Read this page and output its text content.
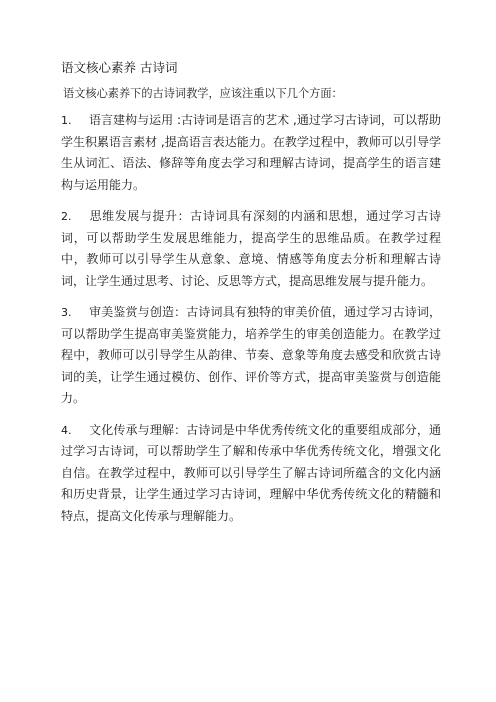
语文核心素养 古诗词
语文核心素养下的古诗词教学，应该注重以下几个方面：
1. 语言建构与运用 :古诗词是语言的艺术 ,通过学习古诗词，可以帮助学生积累语言素材 ,提高语言表达能力。在教学过程中，教师可以引导学生从词汇、语法、修辞等角度去学习和理解古诗词，提高学生的语言建构与运用能力。

2. 思维发展与提升：古诗词具有深刻的内涵和思想，通过学习古诗词，可以帮助学生发展思维能力，提高学生的思维品质。在教学过程中，教师可以引导学生从意象、意境、情感等角度去分析和理解古诗词，让学生通过思考、讨论、反思等方式，提高思维发展与提升能力。

3. 审美鉴赏与创造：古诗词具有独特的审美价值，通过学习古诗词，可以帮助学生提高审美鉴赏能力，培养学生的审美创造能力。在教学过程中，教师可以引导学生从韵律、节奏、意象等角度去感受和欣赏古诗词的美，让学生通过模仿、创作、评价等方式，提高审美鉴赏与创造能力。

4. 文化传承与理解：古诗词是中华优秀传统文化的重要组成部分，通过学习古诗词，可以帮助学生了解和传承中华优秀传统文化，增强文化自信。在教学过程中，教师可以引导学生了解古诗词所蕴含的文化内涵和历史背景，让学生通过学习古诗词，理解中华优秀传统文化的精髓和特点，提高文化传承与理解能力。
